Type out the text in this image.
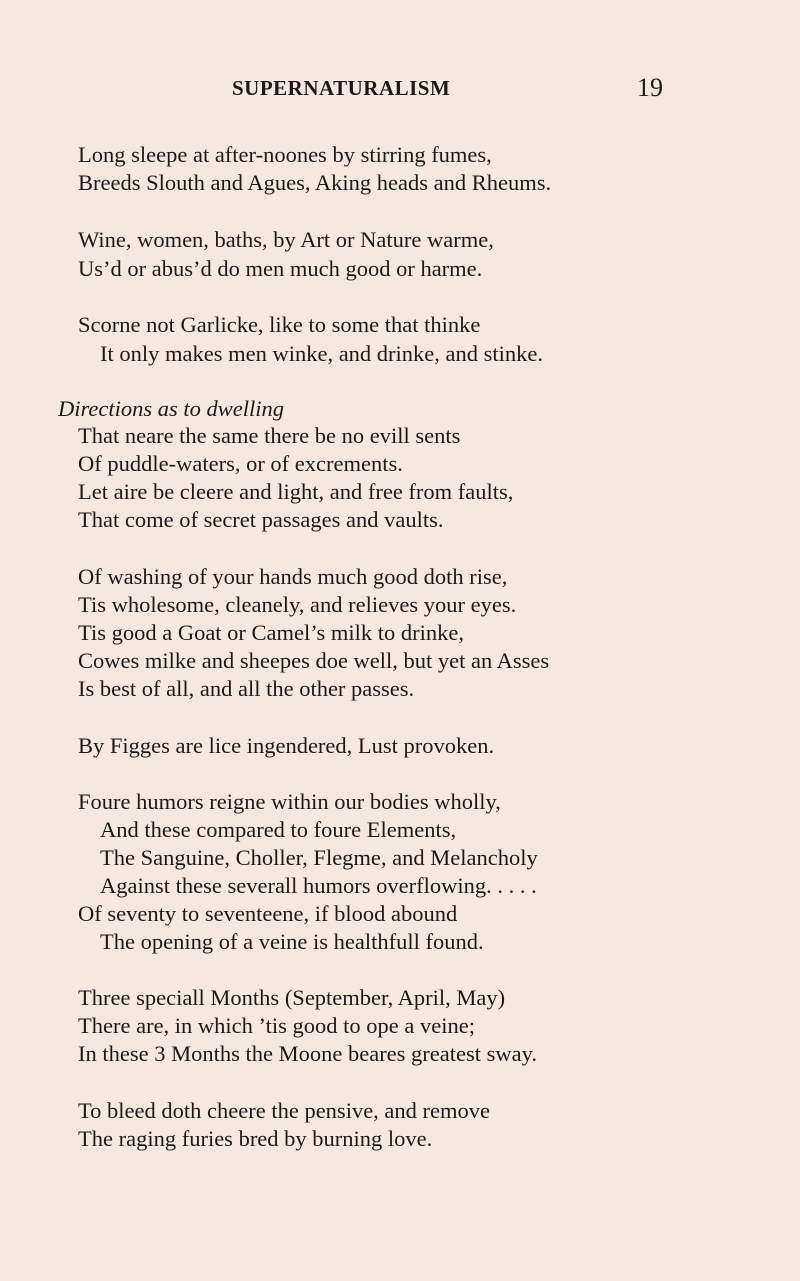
SUPERNATURALISM	19
Long sleepe at after-noones by stirring fumes,
Breeds Slouth and Agues, Aking heads and Rheums.
Wine, women, baths, by Art or Nature warme,
Us’d or abus’d do men much good or harme.
Scorne not Garlicke, like to some that thinke
It only makes men winke, and drinke, and stinke.
Directions as to dwelling
That neare the same there be no evill sents
Of puddle-waters, or of excrements.
Let aire be cleere and light, and free from faults,
That come of secret passages and vaults.
Of washing of your hands much good doth rise,
Tis wholesome, cleanely, and relieves your eyes.
Tis good a Goat or Camel’s milk to drinke,
Cowes milke and sheepes doe well, but yet an Asses
Is best of all, and all the other passes.
By Figges are lice ingendered, Lust provoken.
Foure humors reigne within our bodies wholly,
And these compared to foure Elements,
The Sanguine, Choller, Flegme, and Melancholy
Against these severall humors overflowing. . . . .
Of seventy to seventeene, if blood abound
The opening of a veine is healthfull found.
Three speciall Months (September, April, May)
There are, in which ’tis good to ope a veine;
In these 3 Months the Moone beares greatest sway.
To bleed doth cheere the pensive, and remove
The raging furies bred by burning love.
